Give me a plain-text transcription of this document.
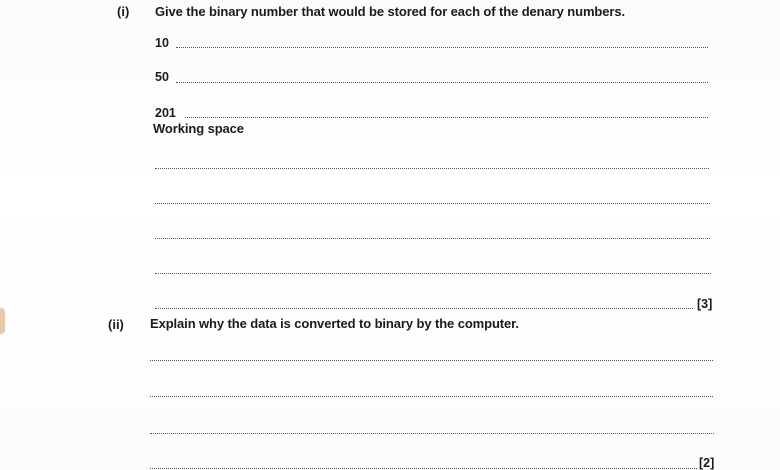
(i) Give the binary number that would be stored for each of the denary numbers.
10
50
201
Working space
[3]
(ii) Explain why the data is converted to binary by the computer.
[2]
